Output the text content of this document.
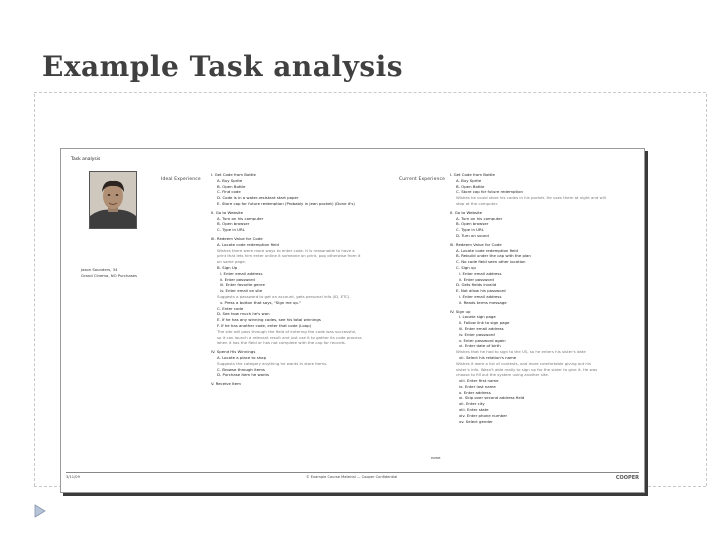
Example Task analysis
Task analysis
Jason Saunders, 34
Grand Cinema, NO Purchases
Ideal Experience
I. Get Code from Bottle
A. Buy Sprite
B. Open Bottle
C. Find code
D. Code is in a water-resistant start paper
E. Store cap for future redemption (Probably in jean pocket) (Done it's)
II. Go to Website
A. Turn on his computer
B. Open browser
C. Type in URL
III. Redeem Value for Code
A. Locate code redemption field
Wishes there were more ways to enter code. It is reasonable to have a
print that lets him enter online it someone on print, pop otherwise from it
on same page.
B. Sign Up
i. Enter email address
ii. Enter password
iii. Enter favorite genre
iv. Enter email on site
Suggests a password to get an account, gets personal info (ID, ETC).
v. Press a button that says, "Sign me up."
C. Enter code
D. See how much he's won
E. If he has any winning codes, see his total winnings
F. If he has another code, enter that code (Loop)
The site will pass through the field of entering the code was successful,
so it can launch a relevant result and just use it to gather its code process
when it has the field or has not complete with the cap for records.
IV. Spend His Winnings
A. Locate a place to shop
Suggests the category anything he wants in store items.
C. Browse through items
D. Purchase item he wants
V. Receive Item
Current Experience
I. Get Code from Bottle
A. Buy Sprite
B. Open Bottle
C. Store cap for future redemption
Wishes he could store his codes in his pocket. He uses them at night and will
stop at the computer.
II. Go to Website
A. Turn on his computer
B. Open browser
C. Type in URL
D. Turn on sound
III. Redeem Value for Code
A. Locate code redemption field
B. Rebuild under the cap with the plan
C. No code field seen other location
C. Sign up
i. Enter email address
ii. Enter password
D. Gets fields invalid
E. Not allow his password
i. Enter email address
ii. Reads terms message
IV. Sign up
i. Locate sign page
ii. Follow link to sign page
iii. Enter email address
iv. Enter password
v. Enter password again
vi. Enter date of birth
Wishes that he had to sign to the US, so he enters his sister's date
vii. Select his relation's name
Wishes it were a list of contests, and more comfortable giving out his
sister's info. Wasn't able really to sign up for the sister to give it. He was
choose to fill out the system using another site.
viii. Enter first name
ix. Enter last name
x. Enter address
xi. Skip over second address field
xii. Enter city
xiii. Enter state
xiv. Enter phone number
xv. Select gender
none
3/11/09	© Example Course Material — Cooper Confidential	COOPER
